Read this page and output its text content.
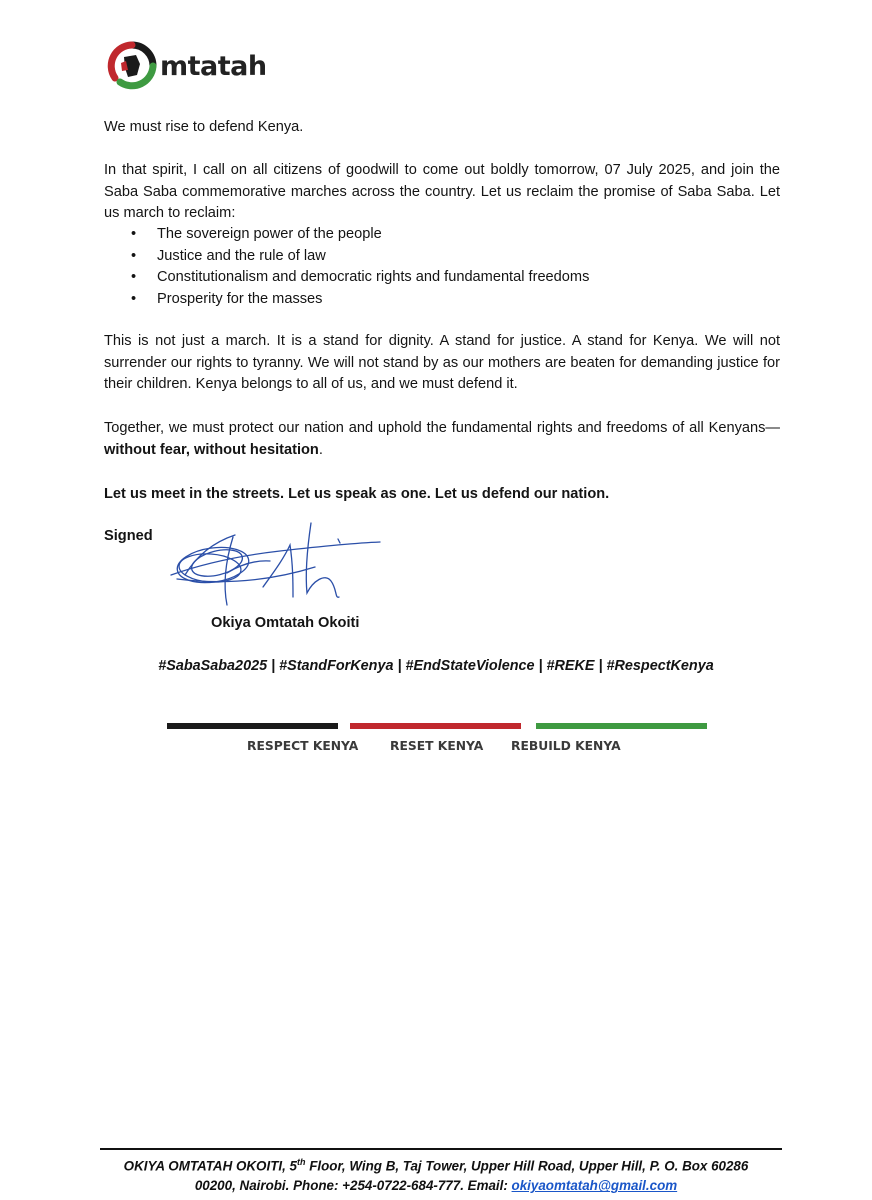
mtatah

We must rise to defend Kenya.

In that spirit, I call on all citizens of goodwill to come out boldly tomorrow, 07 July 2025, and join the Saba Saba commemorative marches across the country. Let us reclaim the promise of Saba Saba. Let us march to reclaim:

• The sovereign power of the people
• Justice and the rule of law
• Constitutionalism and democratic rights and fundamental freedoms
• Prosperity for the masses

This is not just a march. It is a stand for dignity. A stand for justice. A stand for Kenya. We will not surrender our rights to tyranny. We will not stand by as our mothers are beaten for demanding justice for their children. Kenya belongs to all of us, and we must defend it.

Together, we must protect our nation and uphold the fundamental rights and freedoms of all Kenyans—without fear, without hesitation.

Let us meet in the streets. Let us speak as one. Let us defend our nation.

Signed
Okiya Omtatah Okoiti
#SabaSaba2025 | #StandForKenya | #EndStateViolence | #REKE | #RespectKenya
RESPECT KENYA	RESET KENYA REBUILD KENYA
OKIYA OMTATAH OKOITI, 5th Floor, Wing B, Taj Tower, Upper Hill Road, Upper Hill, P. O. Box 60286
00200, Nairobi. Phone: +254-0722-684-777. Email: okiyaomtatah@gmail.com
